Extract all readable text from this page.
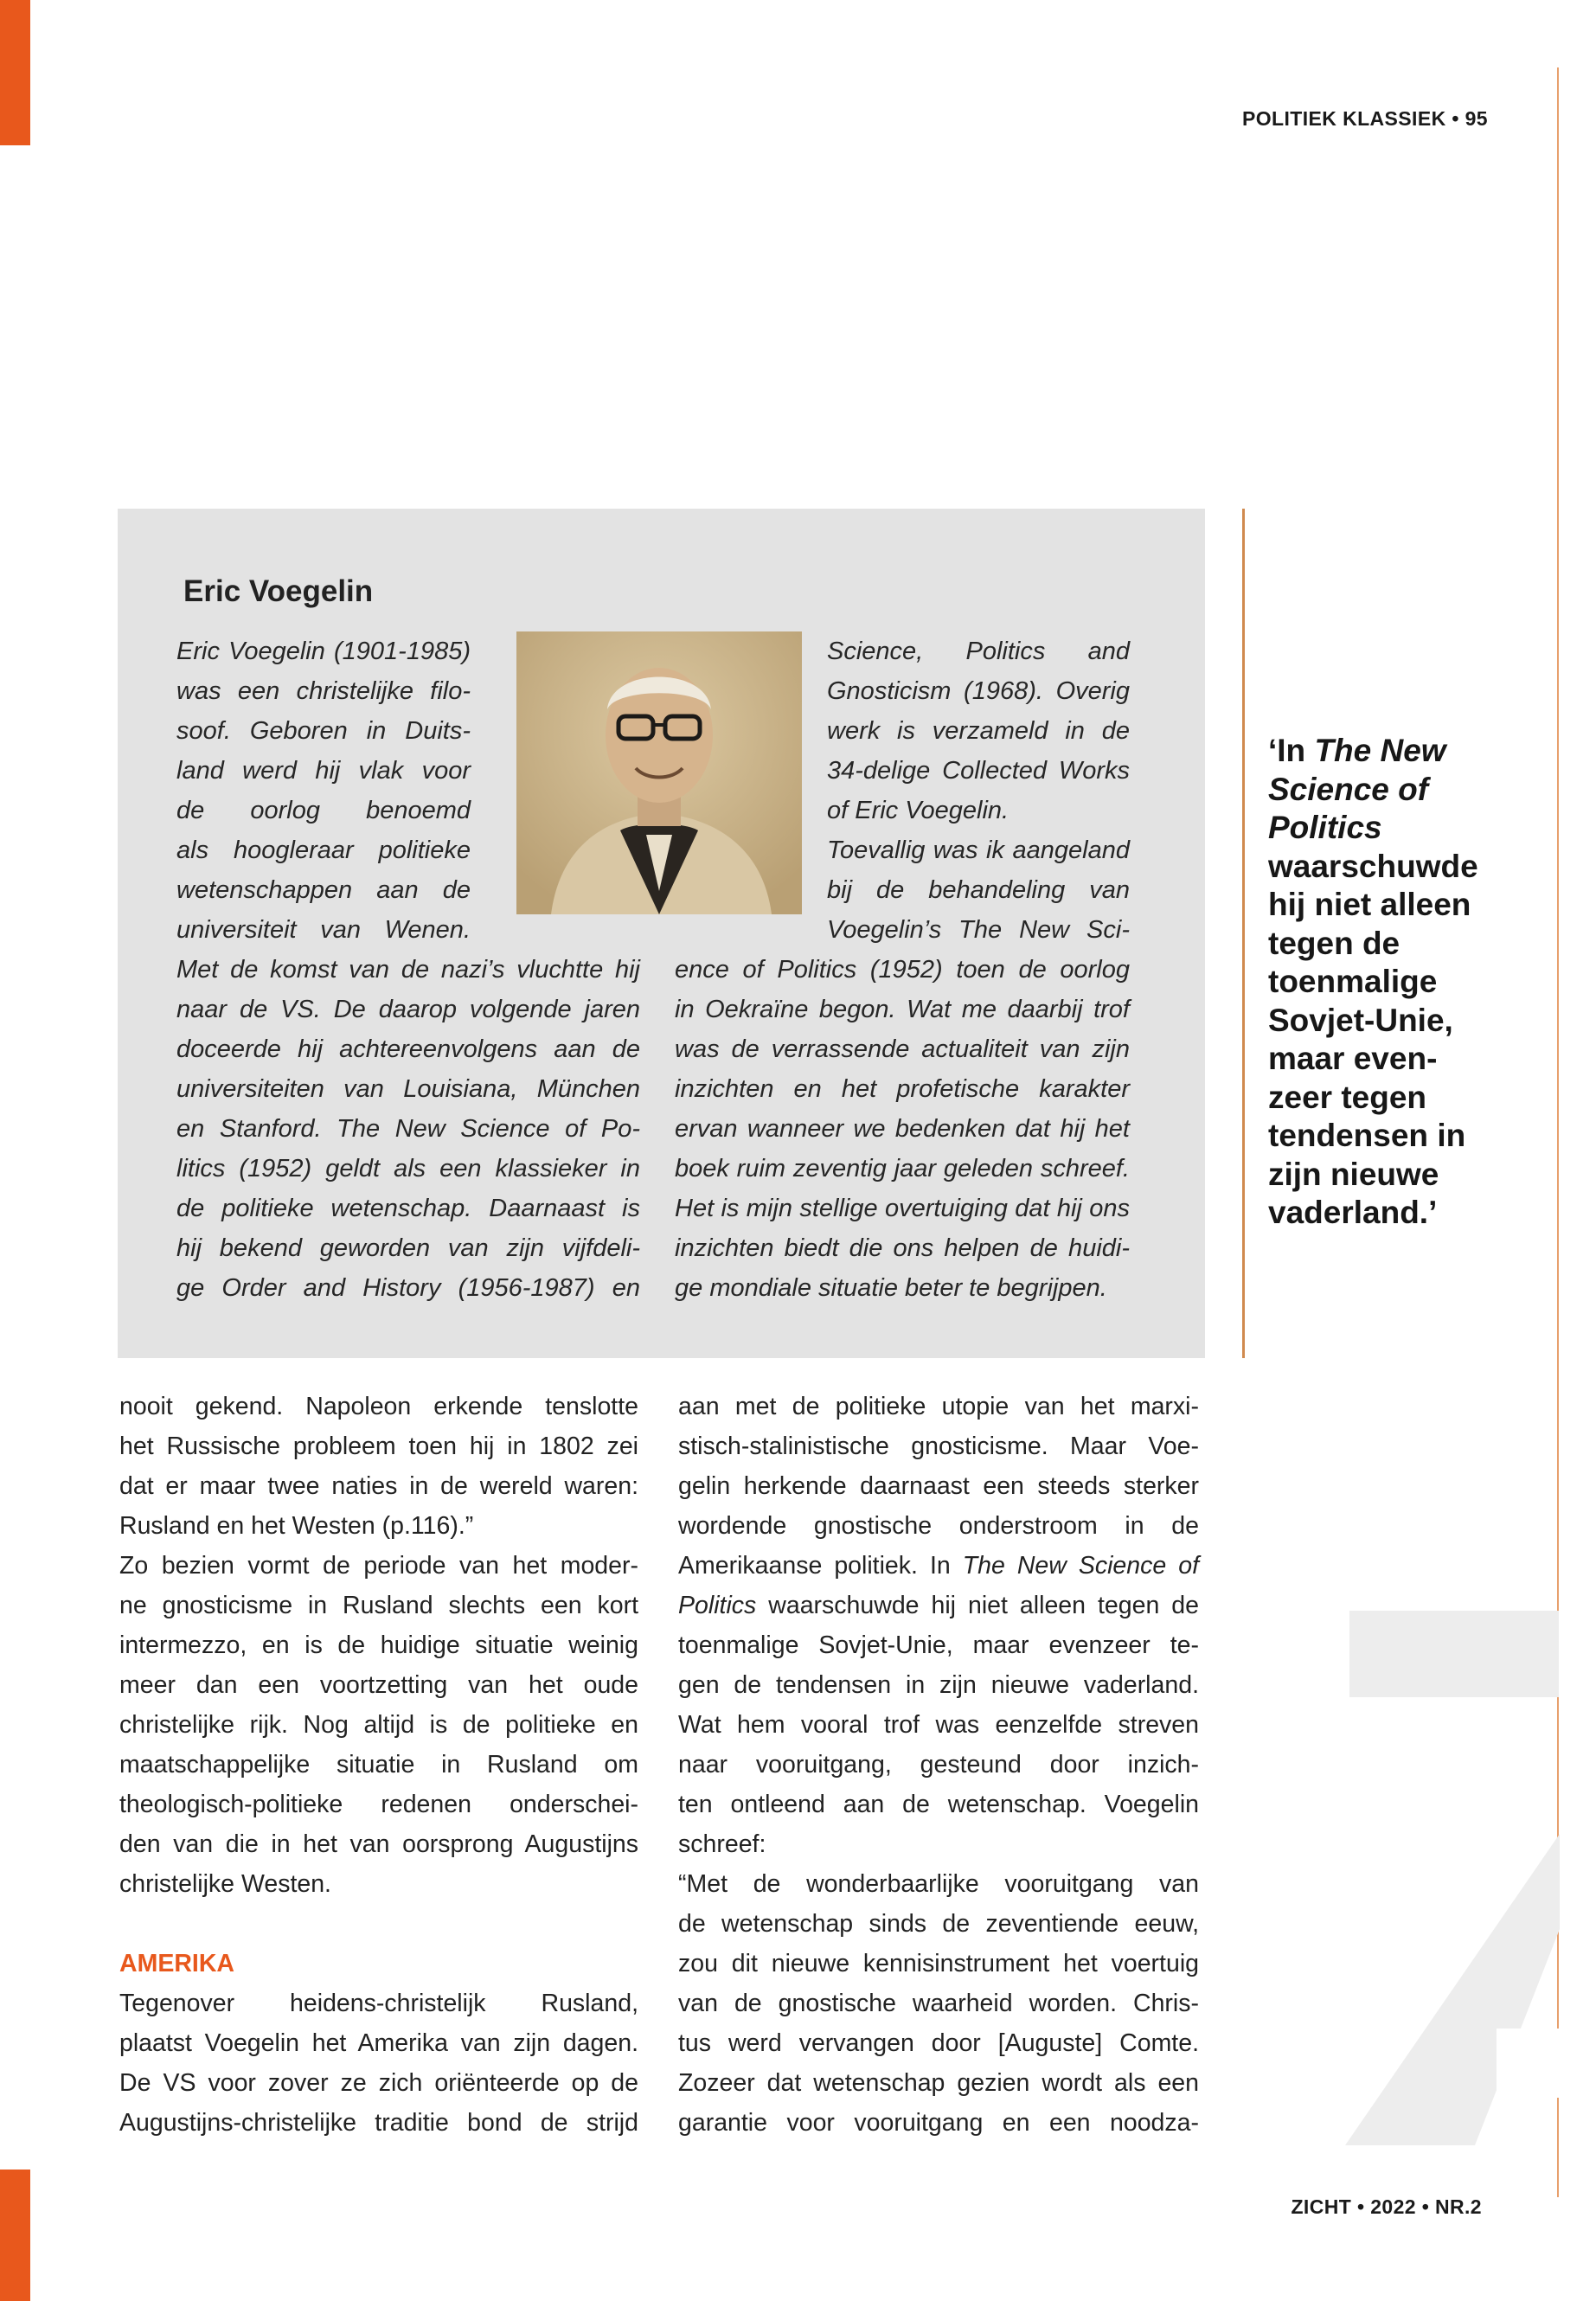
POLITIEK KLASSIEK • 95
ZICHT • 2022 • NR.2
Eric Voegelin
Eric Voegelin (1901-1985)
was een christelijke filo-
soof. Geboren in Duits-
land werd hij vlak voor
de oorlog benoemd
als hoogleraar politieke
wetenschappen aan de
universiteit van Wenen.
Met de komst van de nazi’s vluchtte hij
naar de VS. De daarop volgende jaren
doceerde hij achtereenvolgens aan de
universiteiten van Louisiana, München
en Stanford. The New Science of Po-
litics (1952) geldt als een klassieker in
de politieke wetenschap. Daarnaast is
hij bekend geworden van zijn vijfdeli-
ge Order and History (1956-1987) en
Science, Politics and
Gnosticism (1968). Overig
werk is verzameld in de
34-delige Collected Works
of Eric Voegelin.
Toevallig was ik aangeland
bij de behandeling van
Voegelin’s The New Sci-
ence of Politics (1952) toen de oorlog
in Oekraïne begon. Wat me daarbij trof
was de verrassende actualiteit van zijn
inzichten en het profetische karakter
ervan wanneer we bedenken dat hij het
boek ruim zeventig jaar geleden schreef.
Het is mijn stellige overtuiging dat hij ons
inzichten biedt die ons helpen de huidi-
ge mondiale situatie beter te begrijpen.
‘In The New Science of Politics waarschuwde hij niet alleen tegen de toenmalige Sovjet-Unie, maar even-zeer tegen tendensen in zijn nieuwe vaderland.’
nooit gekend. Napoleon erkende tenslotte
het Russische probleem toen hij in 1802 zei
dat er maar twee naties in de wereld waren:
Rusland en het Westen (p.116).”
Zo bezien vormt de periode van het moder-
ne gnosticisme in Rusland slechts een kort
intermezzo, en is de huidige situatie weinig
meer dan een voortzetting van het oude
christelijke rijk. Nog altijd is de politieke en
maatschappelijke situatie in Rusland om
theologisch-politieke redenen onderschei-
den van die in het van oorsprong Augustijns
christelijke Westen.

AMERIKA
Tegenover heidens-christelijk Rusland,
plaatst Voegelin het Amerika van zijn dagen.
De VS voor zover ze zich oriënteerde op de
Augustijns-christelijke traditie bond de strijd
aan met de politieke utopie van het marxi-
stisch-stalinistische gnosticisme. Maar Voe-
gelin herkende daarnaast een steeds sterker
wordende gnostische onderstroom in de
Amerikaanse politiek. In The New Science of
Politics waarschuwde hij niet alleen tegen de
toenmalige Sovjet-Unie, maar evenzeer te-
gen de tendensen in zijn nieuwe vaderland.
Wat hem vooral trof was eenzelfde streven
naar vooruitgang, gesteund door inzich-
ten ontleend aan de wetenschap. Voegelin
schreef:
“Met de wonderbaarlijke vooruitgang van
de wetenschap sinds de zeventiende eeuw,
zou dit nieuwe kennisinstrument het voertuig
van de gnostische waarheid worden. Chris-
tus werd vervangen door [Auguste] Comte.
Zozeer dat wetenschap gezien wordt als een
garantie voor vooruitgang en een noodza-
